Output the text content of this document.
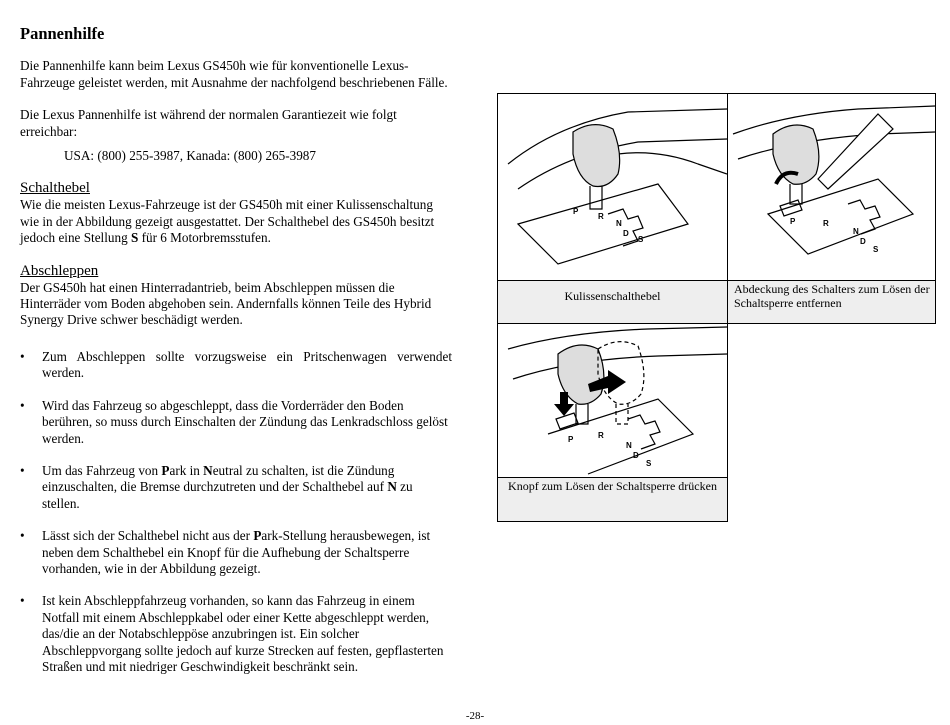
Pannenhilfe

Die Pannenhilfe kann beim Lexus GS450h wie für konventionelle Lexus-Fahrzeuge geleistet werden, mit Ausnahme der nachfolgend beschriebenen Fälle.

Die Lexus Pannenhilfe ist während der normalen Garantiezeit wie folgt erreichbar:

USA: (800) 255-3987, Kanada: (800) 265-3987

Schalthebel

Wie die meisten Lexus-Fahrzeuge ist der GS450h mit einer Kulissenschaltung wie in der Abbildung gezeigt ausgestattet. Der Schalthebel des GS450h besitzt jedoch eine Stellung S für 6 Motorbremsstufen.

Abschleppen

Der GS450h hat einen Hinterradantrieb, beim Abschleppen müssen die Hinterräder vom Boden abgehoben sein. Andernfalls können Teile des Hybrid Synergy Drive schwer beschädigt werden.

• Zum Abschleppen sollte vorzugsweise ein Pritschenwagen verwendet werden.
• Wird das Fahrzeug so abgeschleppt, dass die Vorderräder den Boden berühren, so muss durch Einschalten der Zündung das Lenkradschloss gelöst werden.
• Um das Fahrzeug von Park in Neutral zu schalten, ist die Zündung einzuschalten, die Bremse durchzutreten und der Schalthebel auf N zu stellen.
• Lässt sich der Schalthebel nicht aus der Park-Stellung herausbewegen, ist neben dem Schalthebel ein Knopf für die Aufhebung der Schaltsperre vorhanden, wie in der Abbildung gezeigt.
• Ist kein Abschleppfahrzeug vorhanden, so kann das Fahrzeug in einem Notfall mit einem Abschleppkabel oder einer Kette abgeschleppt werden, das/die an der Notabschleppöse anzubringen ist. Ein solcher Abschleppvorgang sollte jedoch auf kurze Strecken auf festen, gepflasterten Straßen und mit niedriger Geschwindigkeit beschränkt sein.
P
R
N
D
S
P	R
N
D
S
Kulissenschalthebel	Abdeckung des Schalters zum Lösen der Schaltsperre entfernen
P	R
N
D
S
Knopf zum Lösen der Schaltsperre drücken
-28-
